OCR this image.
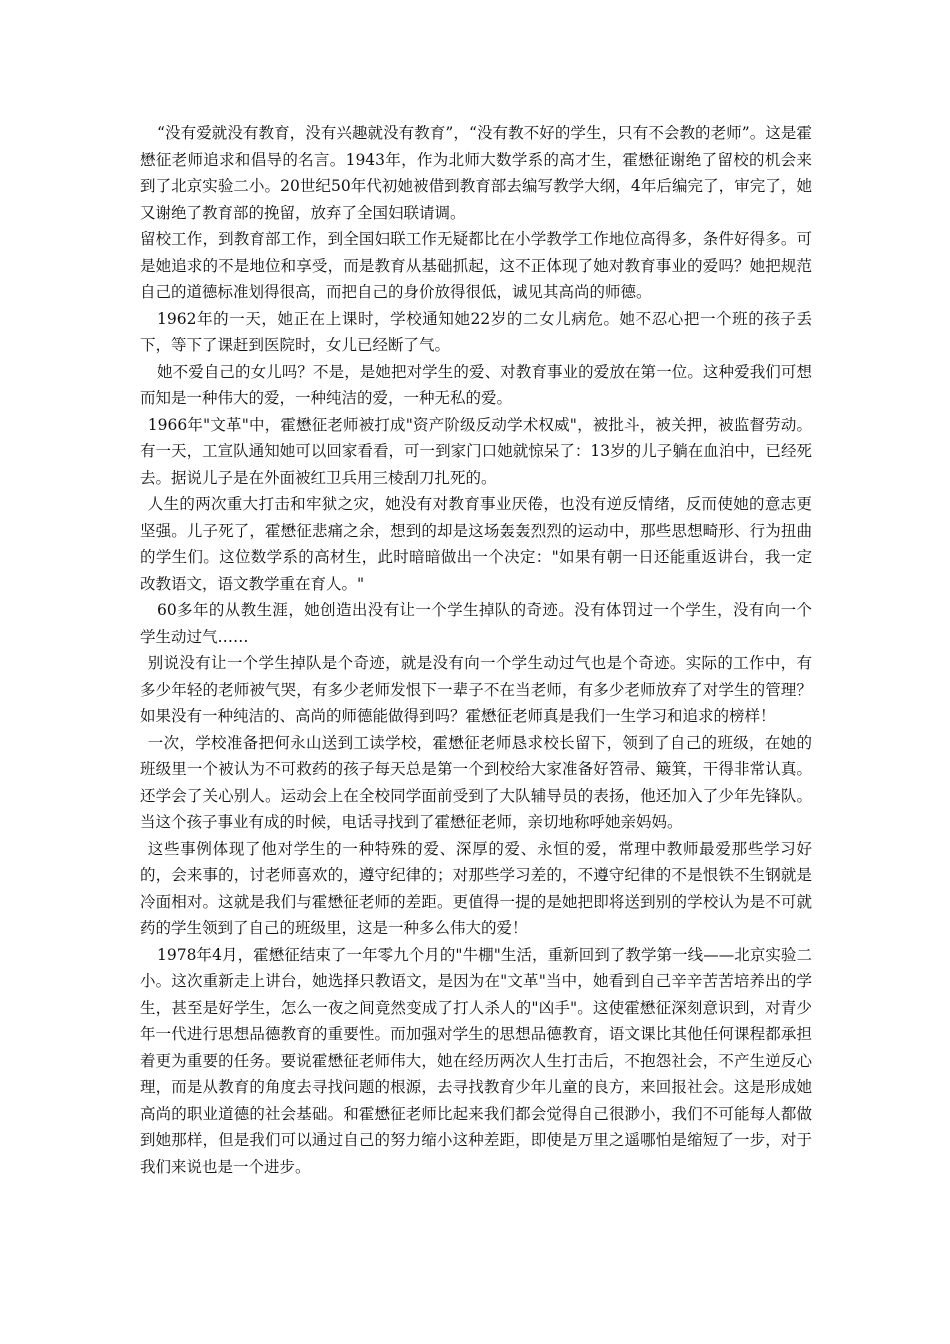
“没有爱就没有教育，没有兴趣就没有教育”，“没有教不好的学生，只有不会教的老师”。这是霍懋征老师追求和倡导的名言。1943年，作为北师大数学系的高才生，霍懋征谢绝了留校的机会来到了北京实验二小。20世纪50年代初她被借到教育部去编写教学大纲，4年后编完了，审完了，她又谢绝了教育部的挽留，放弃了全国妇联请调。

留校工作，到教育部工作，到全国妇联工作无疑都比在小学教学工作地位高得多，条件好得多。可是她追求的不是地位和享受，而是教育从基础抓起，这不正体现了她对教育事业的爱吗？她把规范自己的道德标准划得很高，而把自己的身价放得很低，诚见其高尚的师德。

1962年的一天，她正在上课时，学校通知她22岁的二女儿病危。她不忍心把一个班的孩子丢下，等下了课赶到医院时，女儿已经断了气。

她不爱自己的女儿吗？不是，是她把对学生的爱、对教育事业的爱放在第一位。这种爱我们可想而知是一种伟大的爱，一种纯洁的爱，一种无私的爱。

1966年"文革"中，霍懋征老师被打成"资产阶级反动学术权威"，被批斗，被关押，被监督劳动。有一天，工宣队通知她可以回家看看，可一到家门口她就惊呆了：13岁的儿子躺在血泊中，已经死去。据说儿子是在外面被红卫兵用三棱刮刀扎死的。

人生的两次重大打击和牢狱之灾，她没有对教育事业厌倦，也没有逆反情绪，反而使她的意志更坚强。儿子死了，霍懋征悲痛之余，想到的却是这场轰轰烈烈的运动中，那些思想畸形、行为扭曲的学生们。这位数学系的高材生，此时暗暗做出一个决定："如果有朝一日还能重返讲台，我一定改教语文，语文教学重在育人。"

60多年的从教生涯，她创造出没有让一个学生掉队的奇迹。没有体罚过一个学生，没有向一个学生动过气……

别说没有让一个学生掉队是个奇迹，就是没有向一个学生动过气也是个奇迹。实际的工作中，有多少年轻的老师被气哭，有多少老师发恨下一辈子不在当老师，有多少老师放弃了对学生的管理？如果没有一种纯洁的、高尚的师德能做得到吗？霍懋征老师真是我们一生学习和追求的榜样！

一次，学校准备把何永山送到工读学校，霍懋征老师恳求校长留下，领到了自己的班级，在她的班级里一个被认为不可救药的孩子每天总是第一个到校给大家准备好笤帚、簸箕，干得非常认真。还学会了关心别人。运动会上在全校同学面前受到了大队辅导员的表扬，他还加入了少年先锋队。当这个孩子事业有成的时候，电话寻找到了霍懋征老师，亲切地称呼她亲妈妈。

这些事例体现了他对学生的一种特殊的爱、深厚的爱、永恒的爱，常理中教师最爱那些学习好的，会来事的，讨老师喜欢的，遵守纪律的；对那些学习差的，不遵守纪律的不是恨铁不生钢就是冷面相对。这就是我们与霍懋征老师的差距。更值得一提的是她把即将送到别的学校认为是不可就药的学生领到了自己的班级里，这是一种多么伟大的爱！

1978年4月，霍懋征结束了一年零九个月的"牛棚"生活，重新回到了教学第一线——北京实验二小。这次重新走上讲台，她选择只教语文，是因为在"文革"当中，她看到自己辛辛苦苦培养出的学生，甚至是好学生，怎么一夜之间竟然变成了打人杀人的"凶手"。这使霍懋征深刻意识到，对青少年一代进行思想品德教育的重要性。而加强对学生的思想品德教育，语文课比其他任何课程都承担着更为重要的任务。要说霍懋征老师伟大，她在经历两次人生打击后，不抱怨社会，不产生逆反心理，而是从教育的角度去寻找问题的根源，去寻找教育少年儿童的良方，来回报社会。这是形成她高尚的职业道德的社会基础。和霍懋征老师比起来我们都会觉得自己很渺小，我们不可能每人都做到她那样，但是我们可以通过自己的努力缩小这种差距，即使是万里之遥哪怕是缩短了一步，对于我们来说也是一个进步。
